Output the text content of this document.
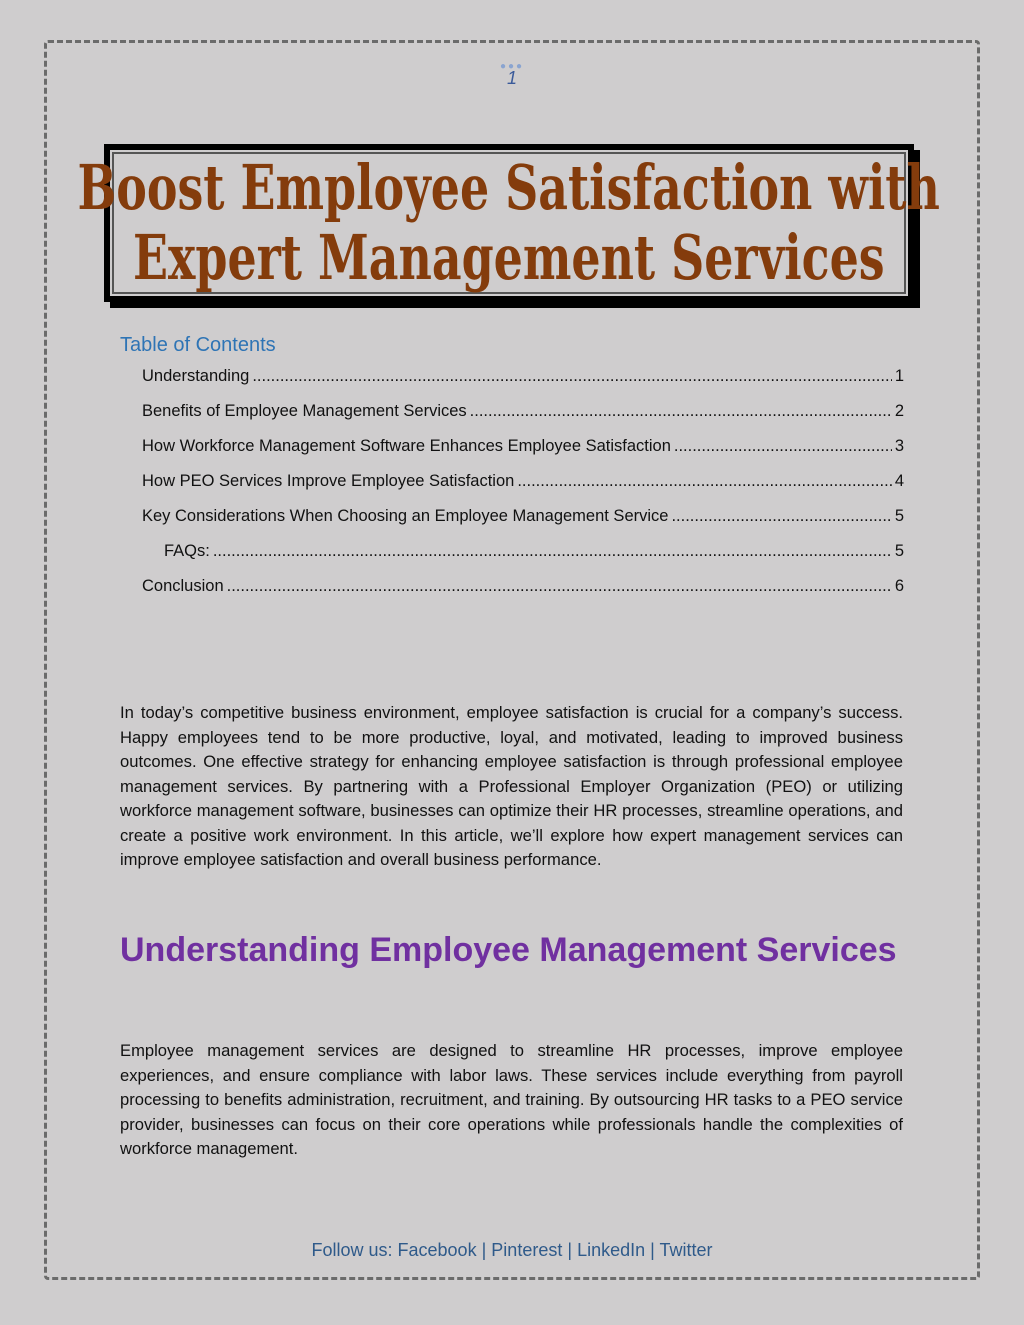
●●●
1
Boost Employee Satisfaction with
Expert Management Services
Table of Contents
Understanding .....	1
Benefits of Employee Management Services .....	2
How Workforce Management Software Enhances Employee Satisfaction .....	3
How PEO Services Improve Employee Satisfaction .....	4
Key Considerations When Choosing an Employee Management Service .....	5
FAQs: .....	5
Conclusion .....	6

In today’s competitive business environment, employee satisfaction is crucial for a company’s success. Happy employees tend to be more productive, loyal, and motivated, leading to improved business outcomes. One effective strategy for enhancing employee satisfaction is through professional employee management services. By partnering with a Professional Employer Organization (PEO) or utilizing workforce management software, businesses can optimize their HR processes, streamline operations, and create a positive work environment. In this article, we’ll explore how expert management services can improve employee satisfaction and overall business performance.

Understanding Employee Management Services

Employee management services are designed to streamline HR processes, improve employee experiences, and ensure compliance with labor laws. These services include everything from payroll processing to benefits administration, recruitment, and training. By outsourcing HR tasks to a PEO service provider, businesses can focus on their core operations while professionals handle the complexities of workforce management.

Follow us: Facebook | Pinterest | LinkedIn | Twitter
